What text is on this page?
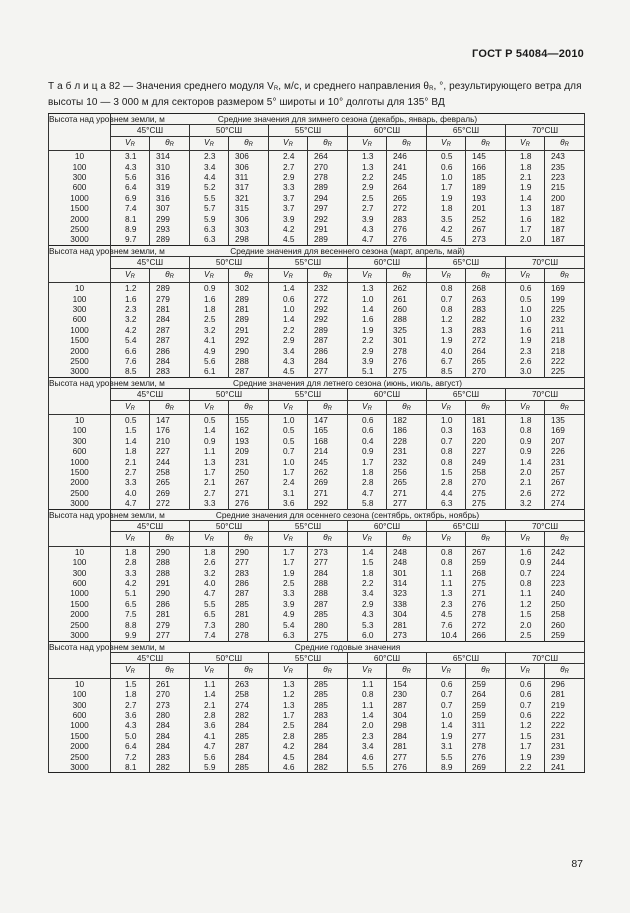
ГОСТ Р 54084—2010
Т а б л и ц а 82 — Значения среднего модуля $V_R$, м/с, и среднего направления $\theta_R$, °, результирующего ветра для
высоты 10 — 3 000 м для секторов размером 5° широты и 10° долготы для 135° ВД
Высота над уровнем земли, м	Средние значения для зимнего сезона (декабрь, январь, февраль)											
	45°СШ		50°СШ		55°СШ		60°СШ		65°СШ		70°СШ	
	$V_R$	$\theta_R$	$V_R$	$\theta_R$	$V_R$	$\theta_R$	$V_R$	$\theta_R$	$V_R$	$\theta_R$	$V_R$	$\theta_R$
10	3.1	314	2.3	306	2.4	264	1.3	246	0.5	145	1.8	243
100	4.3	310	3.4	306	2.7	270	1.3	241	0.6	166	1.8	235
300	5.6	316	4.4	311	2.9	278	2.2	245	1.0	185	2.1	223
600	6.4	319	5.2	317	3.3	289	2.9	264	1.7	189	1.9	215
1000	6.9	316	5.5	321	3.7	294	2.5	265	1.9	193	1.4	200
1500	7.4	307	5.7	315	3.7	297	2.7	272	1.8	201	1.3	187
2000	8.1	299	5.9	306	3.9	292	3.9	283	3.5	252	1.6	182
2500	8.9	293	6.3	303	4.2	291	4.3	276	4.2	267	1.7	187
3000	9.7	289	6.3	298	4.5	289	4.7	276	4.5	273	2.0	187
Высота над уровнем земли, м	Средние значения для весеннего сезона (март, апрель, май)											
	45°СШ		50°СШ		55°СШ		60°СШ		65°СШ		70°СШ	
	$V_R$	$\theta_R$	$V_R$	$\theta_R$	$V_R$	$\theta_R$	$V_R$	$\theta_R$	$V_R$	$\theta_R$	$V_R$	$\theta_R$
10	1.2	289	0.9	302	1.4	232	1.3	262	0.8	268	0.6	169
100	1.6	279	1.6	289	0.6	272	1.0	261	0.7	263	0.5	199
300	2.3	281	1.8	281	1.0	292	1.4	260	0.8	283	1.0	225
600	3.2	284	2.5	289	1.4	292	1.6	288	1.2	282	1.0	232
1000	4.2	287	3.2	291	2.2	289	1.9	325	1.3	283	1.6	211
1500	5.4	287	4.1	292	2.9	287	2.2	301	1.9	272	1.9	218
2000	6.6	286	4.9	290	3.4	286	2.9	278	4.0	264	2.3	218
2500	7.6	284	5.6	288	4.3	284	3.9	276	6.7	265	2.6	222
3000	8.5	283	6.1	287	4.5	277	5.1	275	8.5	270	3.0	225
Высота над уровнем земли, м	Средние значения для летнего сезона (июнь, июль, август)											
	45°СШ		50°СШ		55°СШ		60°СШ		65°СШ		70°СШ	
	$V_R$	$\theta_R$	$V_R$	$\theta_R$	$V_R$	$\theta_R$	$V_R$	$\theta_R$	$V_R$	$\theta_R$	$V_R$	$\theta_R$
10	0.5	147	0.5	155	1.0	147	0.6	182	1.0	181	1.8	135
100	1.5	176	1.4	162	0.5	165	0.6	186	0.3	163	0.8	169
300	1.4	210	0.9	193	0.5	168	0.4	228	0.7	220	0.9	207
600	1.8	227	1.1	209	0.7	214	0.9	231	0.8	227	0.9	226
1000	2.1	244	1.3	231	1.0	245	1.7	232	0.8	249	1.4	231
1500	2.7	258	1.7	250	1.7	262	1.8	256	1.5	258	2.0	257
2000	3.3	265	2.1	267	2.4	269	2.8	265	2.8	270	2.1	267
2500	4.0	269	2.7	271	3.1	271	4.7	271	4.4	275	2.6	272
3000	4.7	272	3.3	276	3.6	292	5.8	277	6.3	275	3.2	274
Высота над уровнем земли, м	Средние значения для осеннего сезона (сентябрь, октябрь, ноябрь)											
	45°СШ		50°СШ		55°СШ		60°СШ		65°СШ		70°СШ	
	$V_R$	$\theta_R$	$V_R$	$\theta_R$	$V_R$	$\theta_R$	$V_R$	$\theta_R$	$V_R$	$\theta_R$	$V_R$	$\theta_R$
10	1.8	290	1.8	290	1.7	273	1.4	248	0.8	267	1.6	242
100	2.8	288	2.6	277	1.7	277	1.5	248	0.8	259	0.9	244
300	3.3	288	3.2	283	1.9	284	1.8	301	1.1	268	0.7	224
600	4.2	291	4.0	286	2.5	288	2.2	314	1.1	275	0.8	223
1000	5.1	290	4.7	287	3.3	288	3.4	323	1.3	271	1.1	240
1500	6.5	286	5.5	285	3.9	287	2.9	338	2.3	276	1.2	250
2000	7.5	281	6.5	281	4.9	285	4.3	304	4.5	278	1.5	258
2500	8.8	279	7.3	280	5.4	280	5.3	281	7.6	272	2.0	260
3000	9.9	277	7.4	278	6.3	275	6.0	273	10.4	266	2.5	259
Высота над уровнем земли, м	Средние годовые значения											
	45°СШ		50°СШ		55°СШ		60°СШ		65°СШ		70°СШ	
	$V_R$	$\theta_R$	$V_R$	$\theta_R$	$V_R$	$\theta_R$	$V_R$	$\theta_R$	$V_R$	$\theta_R$	$V_R$	$\theta_R$
10	1.5	261	1.1	263	1.3	285	1.1	154	0.6	259	0.6	296
100	1.8	270	1.4	258	1.2	285	0.8	230	0.7	264	0.6	281
300	2.7	273	2.1	274	1.3	285	1.1	287	0.7	259	0.7	219
600	3.6	280	2.8	282	1.7	283	1.4	304	1.0	259	0.6	222
1000	4.3	284	3.6	284	2.5	284	2.0	298	1.4	311	1.2	222
1500	5.0	284	4.1	285	2.8	285	2.3	284	1.9	277	1.5	231
2000	6.4	284	4.7	287	4.2	284	3.4	281	3.1	278	1.7	231
2500	7.2	283	5.6	284	4.5	284	4.6	277	5.5	276	1.9	239
3000	8.1	282	5.9	285	4.6	282	5.5	276	8.9	269	2.2	241
87
